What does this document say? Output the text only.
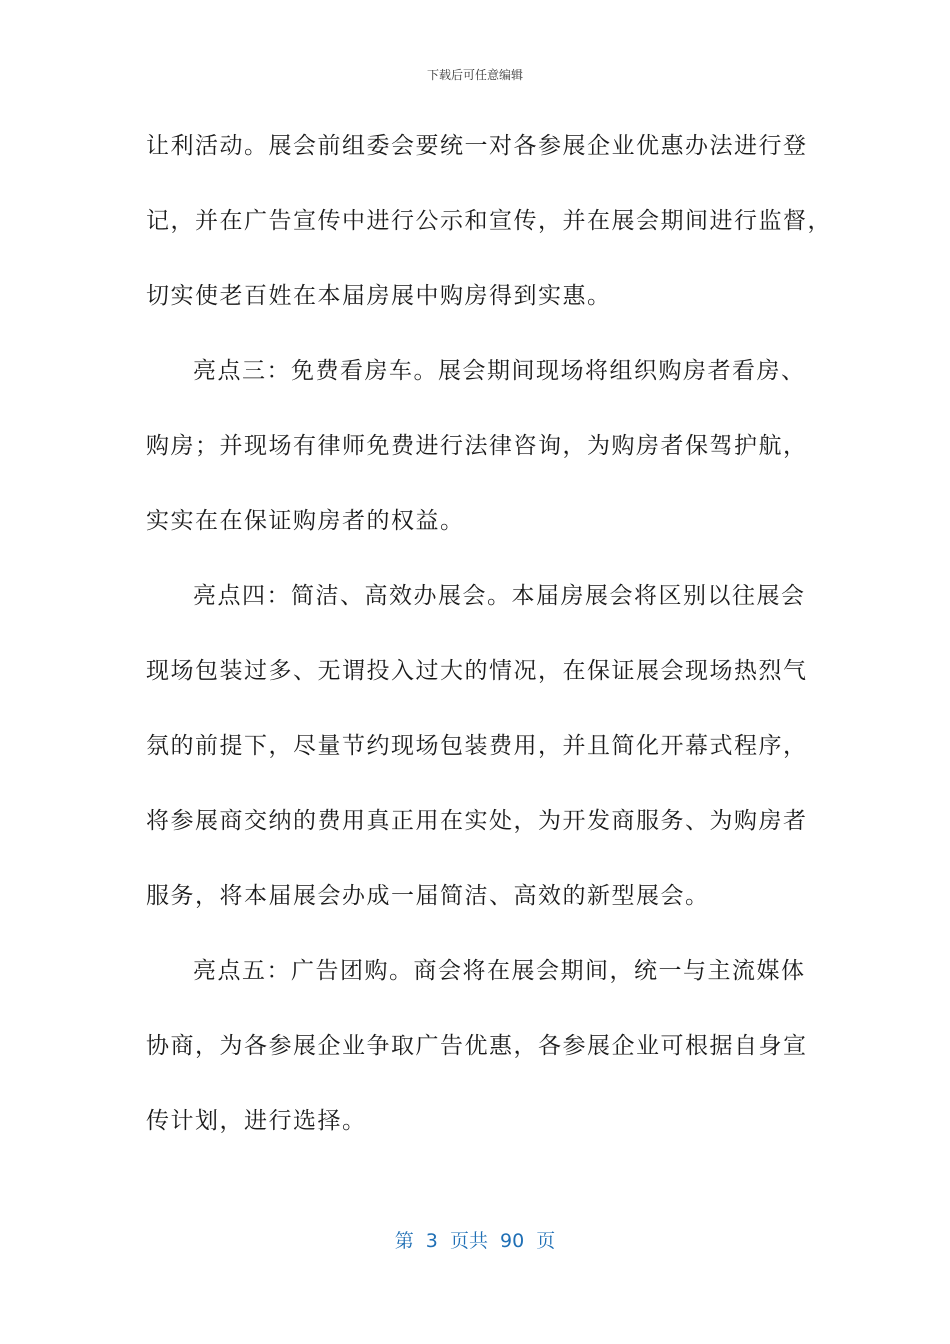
下载后可任意编辑
让利活动。展会前组委会要统一对各参展企业优惠办法进行登
记，并在广告宣传中进行公示和宣传，并在展会期间进行监督，
切实使老百姓在本届房展中购房得到实惠。
亮点三：免费看房车。展会期间现场将组织购房者看房、
购房；并现场有律师免费进行法律咨询，为购房者保驾护航，
实实在在保证购房者的权益。
亮点四：简洁、高效办展会。本届房展会将区别以往展会
现场包装过多、无谓投入过大的情况，在保证展会现场热烈气
氛的前提下，尽量节约现场包装费用，并且简化开幕式程序，
将参展商交纳的费用真正用在实处，为开发商服务、为购房者
服务，将本届展会办成一届简洁、高效的新型展会。
亮点五：广告团购。商会将在展会期间，统一与主流媒体
协商，为各参展企业争取广告优惠，各参展企业可根据自身宣
传计划，进行选择。
第  3  页共  90  页
